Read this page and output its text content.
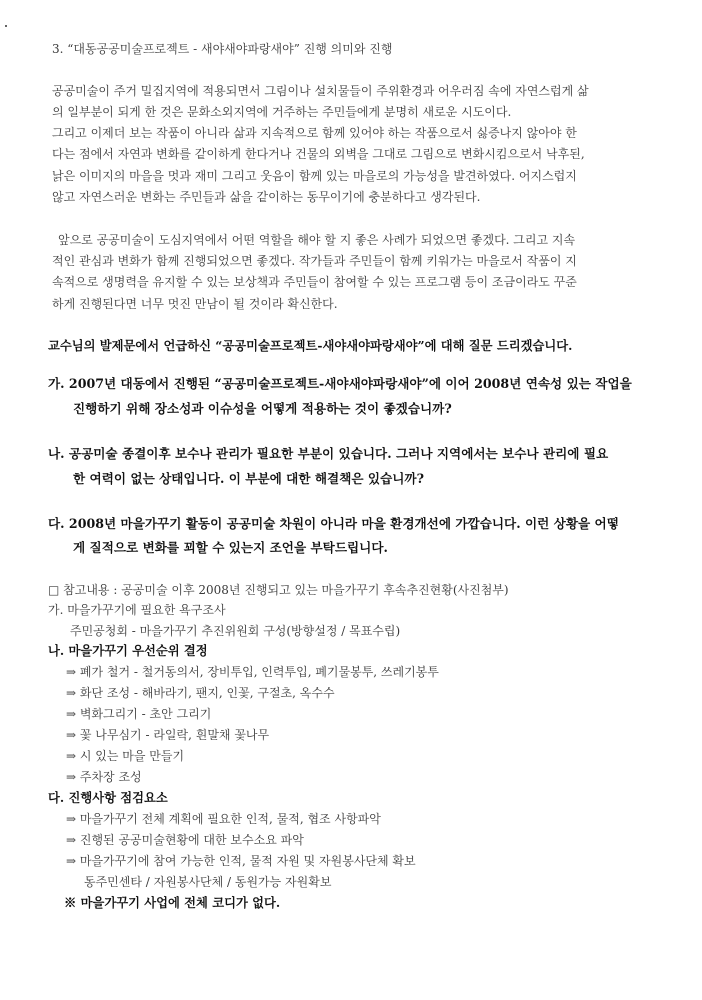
3. “대동공공미술프로젝트 - 새야새야파랑새야” 진행 의미와 진행
공공미술이 주거 밀집지역에 적용되면서 그림이나 설치물들이 주위환경과 어우러짐 속에 자연스럽게 삶
의 일부분이 되게 한 것은 문화소외지역에 거주하는 주민들에게 분명히 새로운 시도이다.
그리고 이제더 보는 작품이 아니라 삶과 지속적으로 함께 있어야 하는 작품으로서 싫증나지 않아야 한
다는 점에서 자연과 변화를 같이하게 한다거나 건물의 외벽을 그대로 그림으로 변화시킴으로서 낙후된,
낡은 이미지의 마을을 멋과 재미 그리고 웃음이 함께 있는 마을로의 가능성을 발견하였다. 어지스럽지
않고 자연스러운 변화는 주민들과 삶을 같이하는 동무이기에 충분하다고 생각된다.
앞으로 공공미술이 도심지역에서 어떤 역할을 해야 할 지 좋은 사례가 되었으면 좋겠다. 그리고 지속
적인 관심과 변화가 함께 진행되었으면 좋겠다. 작가들과 주민들이 함께 키워가는 마을로서 작품이 지
속적으로 생명력을 유지할 수 있는 보상책과 주민들이 참여할 수 있는 프로그램 등이 조금이라도 꾸준
하게 진행된다면 너무 멋진 만남이 될 것이라 확신한다.
교수님의 발제문에서 언급하신 “공공미술프로젝트-새야새야파랑새야”에 대해 질문 드리겠습니다.
가. 2007년 대동에서 진행된 “공공미술프로젝트-새야새야파랑새야”에 이어 2008년 연속성 있는 작업을
진행하기 위해 장소성과 이슈성을 어떻게 적용하는 것이 좋겠습니까?
나. 공공미술 종결이후 보수나 관리가 필요한 부분이 있습니다. 그러나 지역에서는 보수나 관리에 필요
한 여력이 없는 상태입니다. 이 부분에 대한 해결책은 있습니까?
다. 2008년 마을가꾸기 활동이 공공미술 차원이 아니라 마을 환경개선에 가깝습니다. 이런 상황을 어떻
게 질적으로 변화를 꾀할 수 있는지 조언을 부탁드립니다.
□ 참고내용 : 공공미술 이후 2008년 진행되고 있는 마을가꾸기 후속추진현황(사진첨부)
가. 마을가꾸기에 필요한 욕구조사
주민공청회 - 마을가꾸기 추진위원회 구성(방향설정 / 목표수립)
나. 마을가꾸기 우선순위 결정
⇒ 폐가 철거 - 철거동의서, 장비투입, 인력투입, 폐기물봉투, 쓰레기봉투
⇒ 화단 조성 - 해바라기, 팬지, 인꽃, 구절초, 옥수수
⇒ 벽화그리기 - 초안 그리기
⇒ 꽃 나무심기 - 라일락, 흰말채 꽃나무
⇒ 시 있는 마을 만들기
⇒ 주차장 조성
다. 진행사항 점검요소
⇒ 마을가꾸기 전체 계획에 필요한 인적, 물적, 협조 사항파악
⇒ 진행된 공공미술현황에 대한 보수소요 파악
⇒ 마을가꾸기에 참여 가능한 인적, 물적 자원 및 자원봉사단체 확보
동주민센타 / 자원봉사단체 / 동원가능 자원확보
※ 마을가꾸기 사업에 전체 코디가 없다.
